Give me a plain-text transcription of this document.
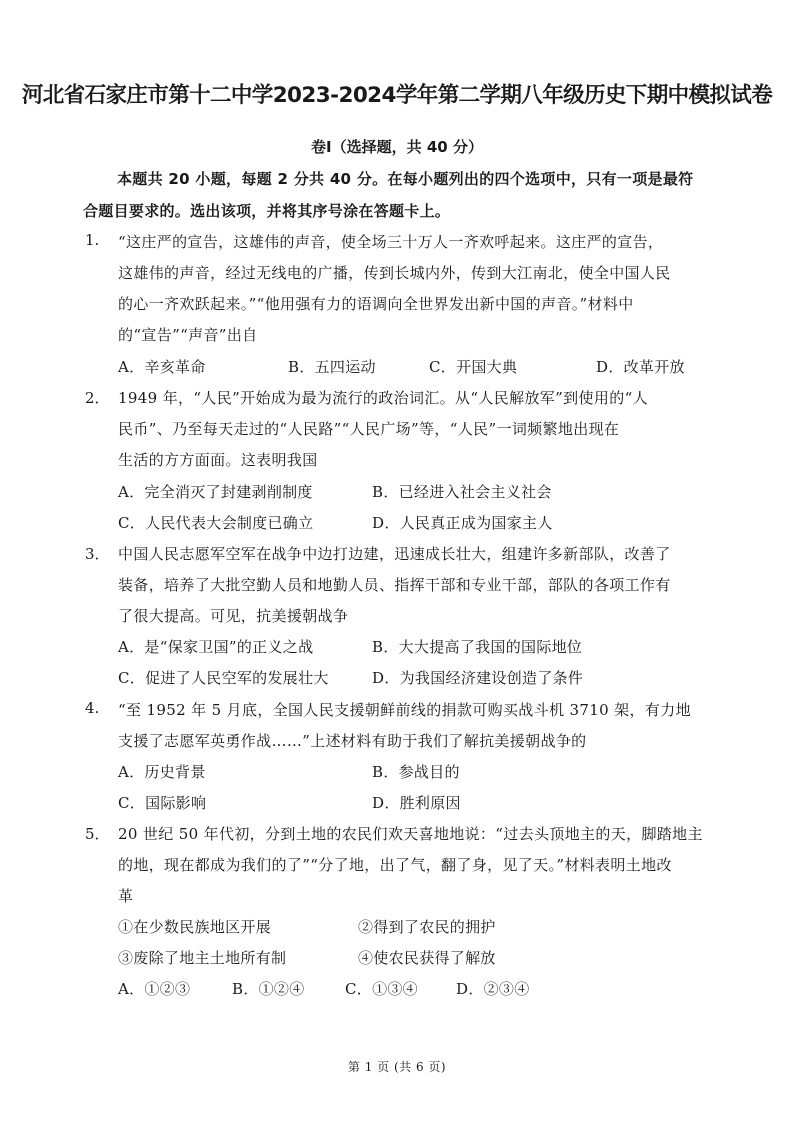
河北省石家庄市第十二中学2023-2024学年第二学期八年级历史下期中模拟试卷
卷Ⅰ（选择题，共 40 分）
本题共 20 小题，每题 2 分共 40 分。在每小题列出的四个选项中，只有一项是最符
合题目要求的。选出该项，并将其序号涂在答题卡上。
1. “这庄严的宣告，这雄伟的声音，使全场三十万人一齐欢呼起来。这庄严的宣告，
这雄伟的声音，经过无线电的广播，传到长城内外，传到大江南北，使全中国人民
的心一齐欢跃起来。”“他用强有力的语调向全世界发出新中国的声音。”材料中
的“宣告”“声音”出自
A．辛亥革命	B．五四运动	C．开国大典	D．改革开放
2． 1949 年，“人民”开始成为最为流行的政治词汇。从“人民解放军”到使用的“人
民币”、乃至每天走过的“人民路”“人民广场”等，“人民”一词频繁地出现在
生活的方方面面。这表明我国
A．完全消灭了封建剥削制度	B．已经进入社会主义社会
C．人民代表大会制度已确立	D．人民真正成为国家主人
3． 中国人民志愿军空军在战争中边打边建，迅速成长壮大，组建许多新部队，改善了
装备，培养了大批空勤人员和地勤人员、指挥干部和专业干部，部队的各项工作有
了很大提高。可见，抗美援朝战争
A．是“保家卫国”的正义之战	B．大大提高了我国的国际地位
C．促进了人民空军的发展壮大	D．为我国经济建设创造了条件
4. “至 1952 年 5 月底，全国人民支援朝鲜前线的捐款可购买战斗机 3710 架，有力地
支援了志愿军英勇作战……”上述材料有助于我们了解抗美援朝战争的
A．历史背景	B．参战目的
C．国际影响	D．胜利原因
5． 20 世纪 50 年代初，分到土地的农民们欢天喜地地说：“过去头顶地主的天，脚踏地主
的地，现在都成为我们的了”“分了地，出了气，翻了身，见了天。”材料表明土地改
革
①在少数民族地区开展	②得到了农民的拥护
③废除了地主土地所有制	④使农民获得了解放
A．①②③	B．①②④	C．①③④	D．②③④
第 1 页 (共 6 页)
